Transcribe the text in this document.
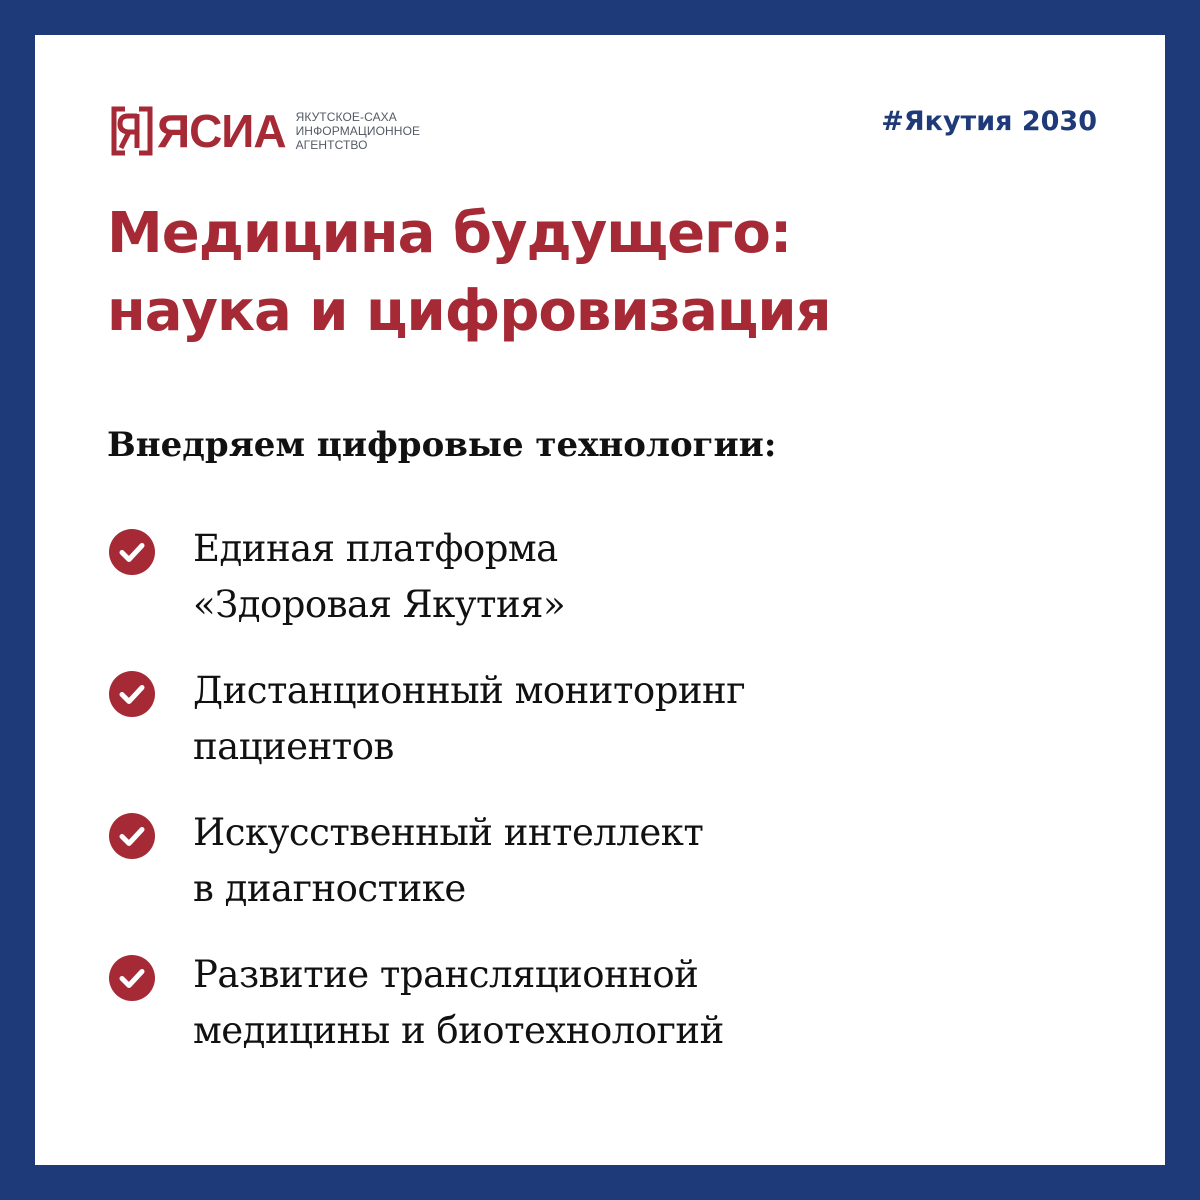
ЯСИА ЯКУТСКОЕ-САХА
ИНФОРМАЦИОННОЕ
АГЕНТСТВО
#Якутия 2030
Медицина будущего:
наука и цифровизация
Внедряем цифровые технологии:
Единая платформа
«Здоровая Якутия»
Дистанционный мониторинг
пациентов
Искусственный интеллект
в диагностике
Развитие трансляционной
медицины и биотехнологий
